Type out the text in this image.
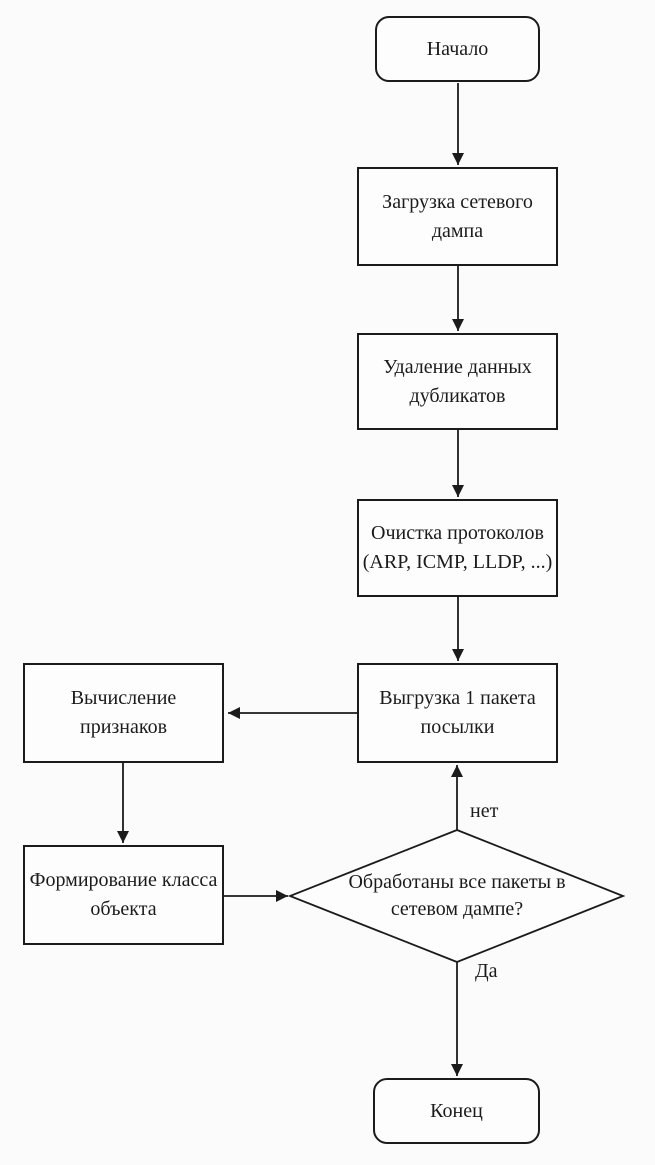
Начало
Загрузка сетевого
дампа
Удаление данных
дубликатов
Очистка протоколов
(ARP, ICMP, LLDP, ...)
Выгрузка 1 пакета
посылки
Вычисление
признаков
Формирование класса
объекта
Обработаны все пакеты в
сетевом дампе?
Конец
нет
Да
